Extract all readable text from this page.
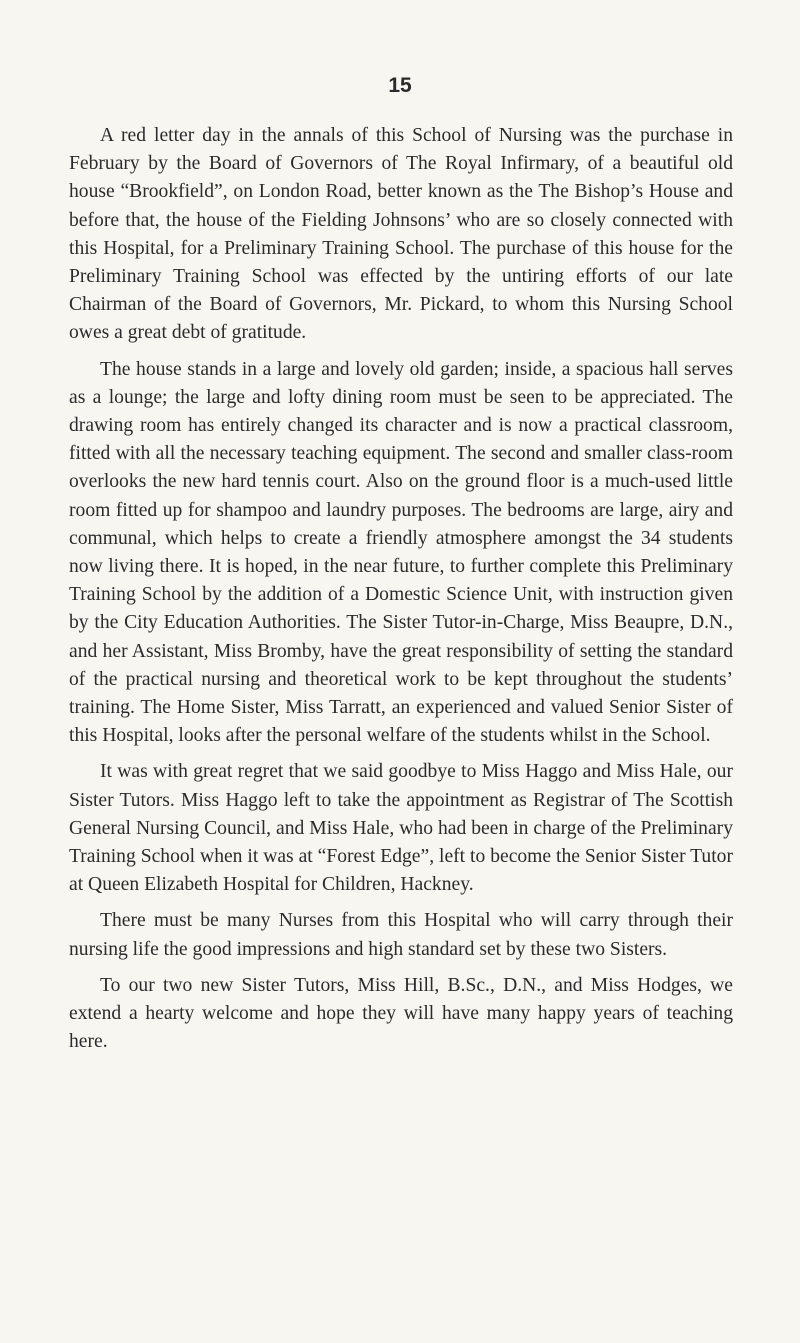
15

A red letter day in the annals of this School of Nursing was the purchase in February by the Board of Governors of The Royal Infirmary, of a beautiful old house “Brookfield”, on London Road, better known as the The Bishop’s House and before that, the house of the Fielding Johnsons’ who are so closely connected with this Hospital, for a Preliminary Training School. The purchase of this house for the Preliminary Training School was effected by the untiring efforts of our late Chairman of the Board of Governors, Mr. Pickard, to whom this Nursing School owes a great debt of gratitude.

The house stands in a large and lovely old garden; inside, a spacious hall serves as a lounge; the large and lofty dining room must be seen to be appreciated. The drawing room has entirely changed its character and is now a practical classroom, fitted with all the necessary teaching equipment. The second and smaller class-room overlooks the new hard tennis court. Also on the ground floor is a much-used little room fitted up for shampoo and laundry purposes. The bedrooms are large, airy and communal, which helps to create a friendly atmosphere amongst the 34 students now living there. It is hoped, in the near future, to further complete this Preliminary Training School by the addition of a Domestic Science Unit, with instruction given by the City Education Authorities. The Sister Tutor-in-Charge, Miss Beaupre, D.N., and her Assistant, Miss Bromby, have the great responsibility of setting the standard of the practical nursing and theoretical work to be kept throughout the students’ training. The Home Sister, Miss Tarratt, an experienced and valued Senior Sister of this Hospital, looks after the personal welfare of the students whilst in the School.

It was with great regret that we said goodbye to Miss Haggo and Miss Hale, our Sister Tutors. Miss Haggo left to take the appointment as Registrar of The Scottish General Nursing Council, and Miss Hale, who had been in charge of the Preliminary Training School when it was at “Forest Edge”, left to become the Senior Sister Tutor at Queen Elizabeth Hospital for Children, Hackney.

There must be many Nurses from this Hospital who will carry through their nursing life the good impressions and high standard set by these two Sisters.

To our two new Sister Tutors, Miss Hill, B.Sc., D.N., and Miss Hodges, we extend a hearty welcome and hope they will have many happy years of teaching here.
